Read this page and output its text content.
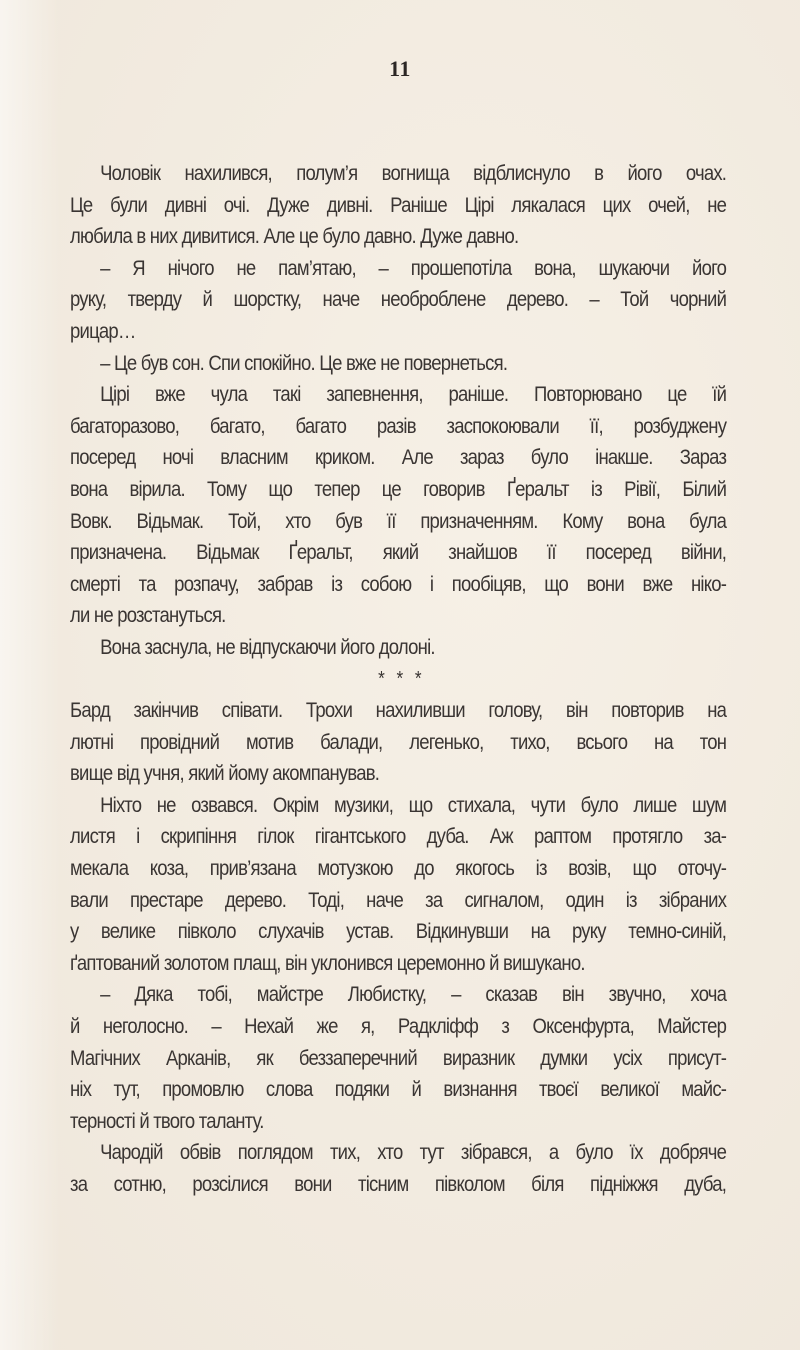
11
Чоловік нахилився, полум’я вогнища відблиснуло в його очах.
Це були дивні очі. Дуже дивні. Раніше Цірі лякалася цих очей, не
любила в них дивитися. Але це було давно. Дуже давно.
– Я нічого не пам’ятаю, – прошепотіла вона, шукаючи його
руку, тверду й шорстку, наче необроблене дерево. – Той чорний
рицар…
– Це був сон. Спи спокійно. Це вже не повернеться.
Цірі вже чула такі запевнення, раніше. Повторювано це їй
багаторазово, багато, багато разів заспокоювали її, розбуджену
посеред ночі власним криком. Але зараз було інакше. Зараз
вона вірила. Тому що тепер це говорив Ґеральт із Рівії, Білий
Вовк. Відьмак. Той, хто був її призначенням. Кому вона була
призначена. Відьмак Ґеральт, який знайшов її посеред війни,
смерті та розпачу, забрав із собою і пообіцяв, що вони вже ніко-
ли не розстануться.
Вона заснула, не відпускаючи його долоні.
* * *
Бард закінчив співати. Трохи нахиливши голову, він повторив на
лютні провідний мотив балади, легенько, тихо, всього на тон
вище від учня, який йому акомпанував.
Ніхто не озвався. Окрім музики, що стихала, чути було лише шум
листя і скрипіння гілок гігантського дуба. Аж раптом протягло за-
мекала коза, прив’язана мотузкою до якогось із возів, що оточу-
вали престаре дерево. Тоді, наче за сигналом, один із зібраних
у велике півколо слухачів устав. Відкинувши на руку темно-синій,
ґаптований золотом плащ, він уклонився церемонно й вишукано.
– Дяка тобі, майстре Любистку, – сказав він звучно, хоча
й неголосно. – Нехай же я, Радкліфф з Оксенфурта, Майстер
Магічних Арканів, як беззаперечний виразник думки усіх присут-
ніх тут, промовлю слова подяки й визнання твоєї великої майс-
терності й твого таланту.
Чародій обвів поглядом тих, хто тут зібрався, а було їх добряче
за сотню, розсілися вони тісним півколом біля підніжжя дуба,
